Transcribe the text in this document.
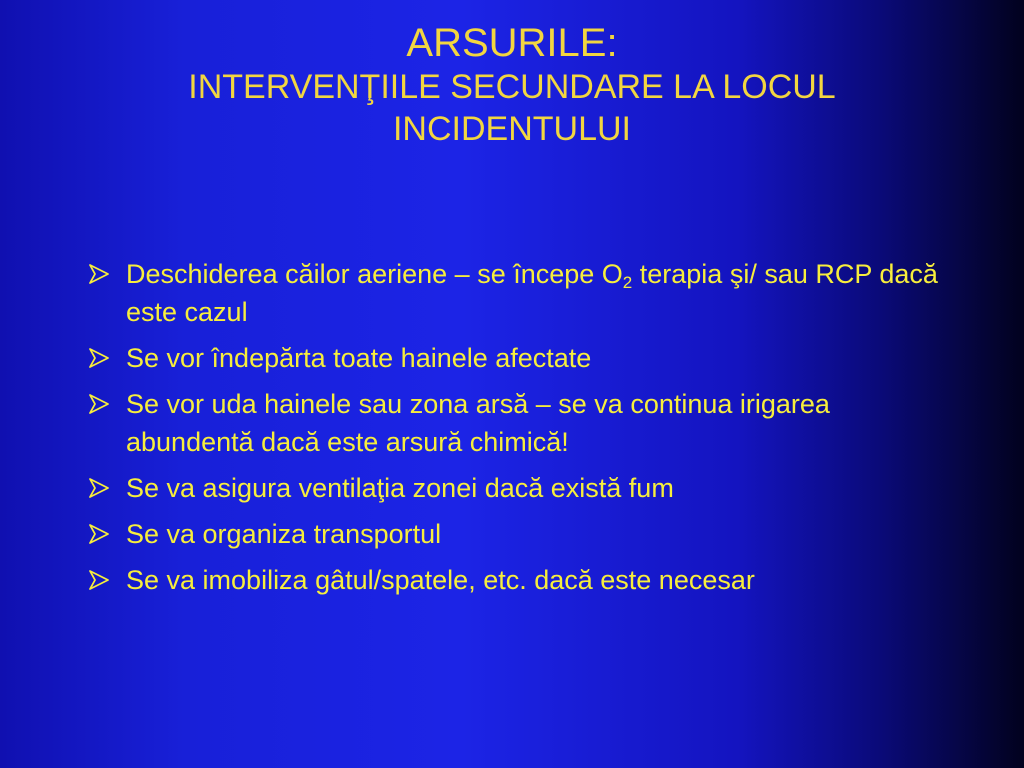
ARSURILE:
INTERVENŢIILE SECUNDARE LA LOCUL INCIDENTULUI
Deschiderea căilor aeriene – se începe $O_2$ terapia şi/ sau RCP dacă este cazul
Se vor îndepărta toate hainele afectate
Se vor uda hainele sau zona arsă – se va continua irigarea abundentă dacă este arsură chimică!
Se va asigura ventilaţia zonei dacă există fum
Se va organiza transportul
Se va imobiliza gâtul/spatele, etc. dacă este necesar
